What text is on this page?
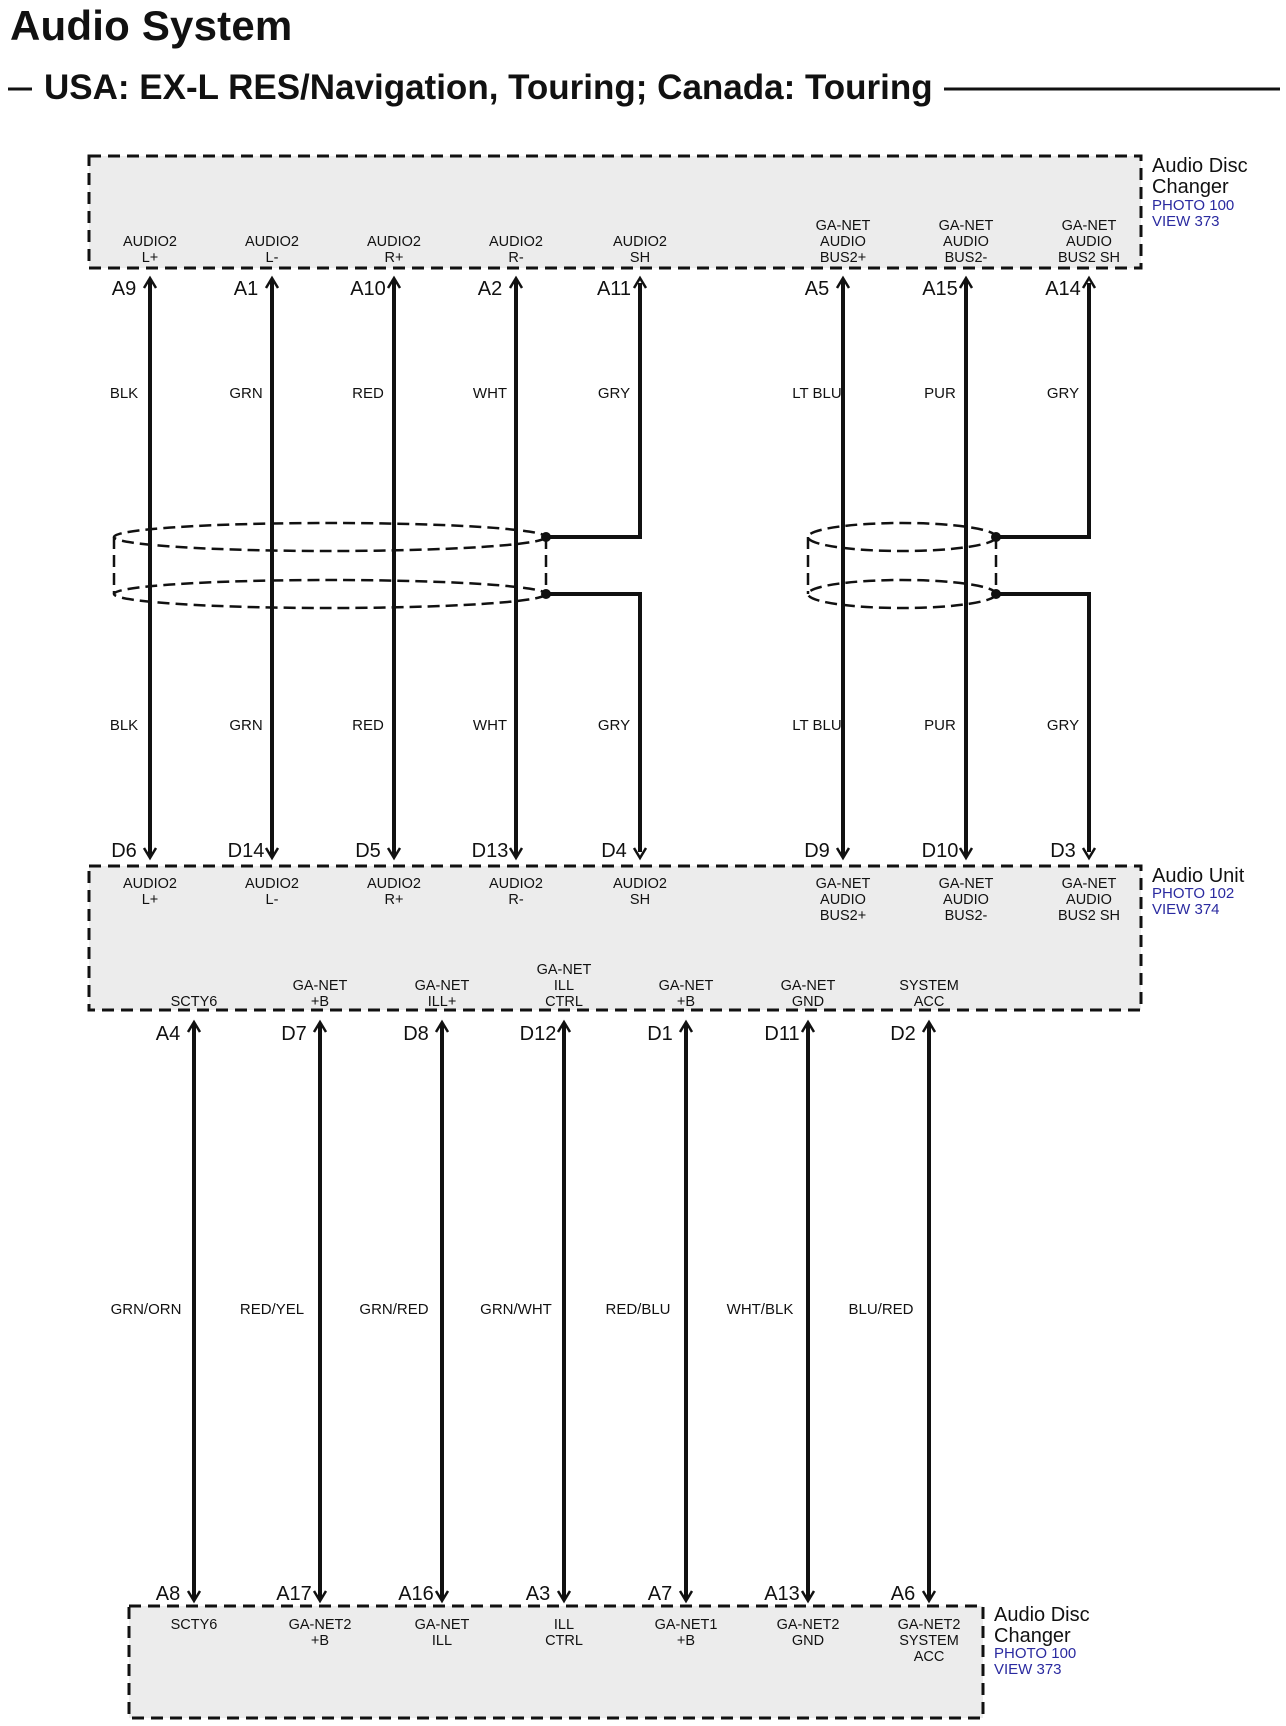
Audio System
USA: EX-L RES/Navigation, Touring; Canada: Touring
Audio Disc Changer
PHOTO 100 VIEW 373
Audio Unit
PHOTO 102 VIEW 374
Audio Disc Changer
PHOTO 100 VIEW 373
AUDIO2 L+
A9
D6
BLK
BLK
AUDIO2 L+
AUDIO2 L-
A1
D14
GRN
GRN
AUDIO2 L-
AUDIO2 R+
A10
D5
RED
RED
AUDIO2 R+
AUDIO2 R-
A2
D13
WHT
WHT
AUDIO2 R-
AUDIO2 SH
A11
D4
GRY
GRY
AUDIO2 SH
GA-NET AUDIO BUS2+
A5
D9
LT BLU
LT BLU
GA-NET AUDIO BUS2+
GA-NET AUDIO BUS2-
A15
D10
PUR
PUR
GA-NET AUDIO BUS2-
GA-NET AUDIO BUS2 SH
A14
D3
GRY
GRY
GA-NET AUDIO BUS2 SH
SCTY6
A4
A8
GRN/ORN
SCTY6
GA-NET +B
D7
A17
RED/YEL
GA-NET2 +B
GA-NET ILL+
D8
A16
GRN/RED
GA-NET ILL
GA-NET ILL CTRL
D12
A3
GRN/WHT
ILL CTRL
GA-NET +B
D1
A7
RED/BLU
GA-NET1 +B
GA-NET GND
D11
A13
WHT/BLK
GA-NET2 GND
SYSTEM ACC
D2
A6
BLU/RED
GA-NET2 SYSTEM ACC
